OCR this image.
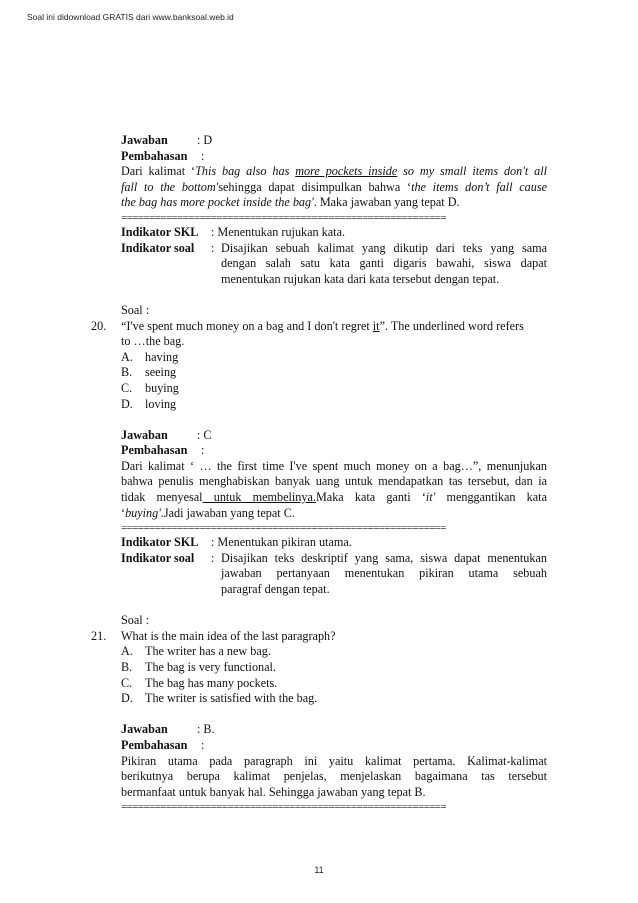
Soal ini didownload GRATIS dari www.banksoal.web.id
Jawaban	: D
Pembahasan	:
Dari kalimat ‘This bag also has more pockets inside so my small items don't all
fall to the bottom'sehingga dapat disimpulkan bahwa ‘the items don’t fall cause
the bag has more pocket inside the bag'. Maka jawaban yang tepat D.
==========================================================
Indikator SKL	: Menentukan rujukan kata.
Indikator soal	: Disajikan sebuah kalimat yang dikutip dari teks yang sama
dengan salah satu kata ganti digaris bawahi, siswa dapat
menentukan rujukan kata dari kata tersebut dengan tepat.
Soal :
20. “I've spent much money on a bag and I don't regret it”. The underlined word refers
to …the bag.
A. having
B.	seeing
C.	buying
D. loving
Jawaban	: C
Pembahasan	:
Dari kalimat ‘ … the first time I've spent much money on a bag…”, menunjukan
bahwa penulis menghabiskan banyak uang untuk mendapatkan tas tersebut, dan ia
tidak menyesal untuk membelinya.Maka kata ganti ‘it' menggantikan kata
‘buying'.Jadi jawaban yang tepat C.
==========================================================
Indikator SKL	: Menentukan pikiran utama.
Indikator soal	: Disajikan teks deskriptif yang sama, siswa dapat menentukan
jawaban pertanyaan menentukan pikiran utama sebuah
paragraf dengan tepat.
Soal :
21. What is the main idea of the last paragraph?
A. The writer has a new bag.
B.	The bag is very functional.
C.	The bag has many pockets.
D. The writer is satisfied with the bag.
Jawaban	: B.
Pembahasan	:
Pikiran utama pada paragraph ini yaitu kalimat pertama. Kalimat-kalimat
berikutnya berupa kalimat penjelas, menjelaskan bagaimana tas tersebut
bermanfaat untuk banyak hal. Sehingga jawaban yang tepat B.
==========================================================
11
